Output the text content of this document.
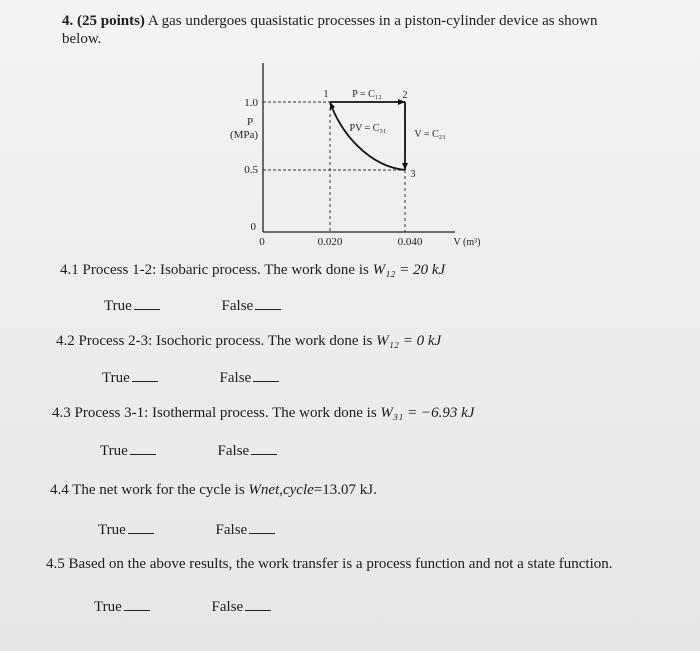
4. (25 points) A gas undergoes quasistatic processes in a piston-cylinder device as shown below.
1.0
0.5
0
P
(MPa)
0	0.020	0.040	V (m³)
1	2
3
P = C₁₂
PV = C₃₁
V = C₂₃
4.1 Process 1-2: Isobaric process. The work done is W₁₂ = 20 kJ
True	False
4.2 Process 2-3: Isochoric process. The work done is W₁₂ = 0 kJ
True	False
4.3 Process 3-1: Isothermal process. The work done is W₃₁ = −6.93 kJ
True	False
4.4 The net work for the cycle is Wnet,cycle=13.07 kJ.
True	False
4.5 Based on the above results, the work transfer is a process function and not a state function.
True	False
